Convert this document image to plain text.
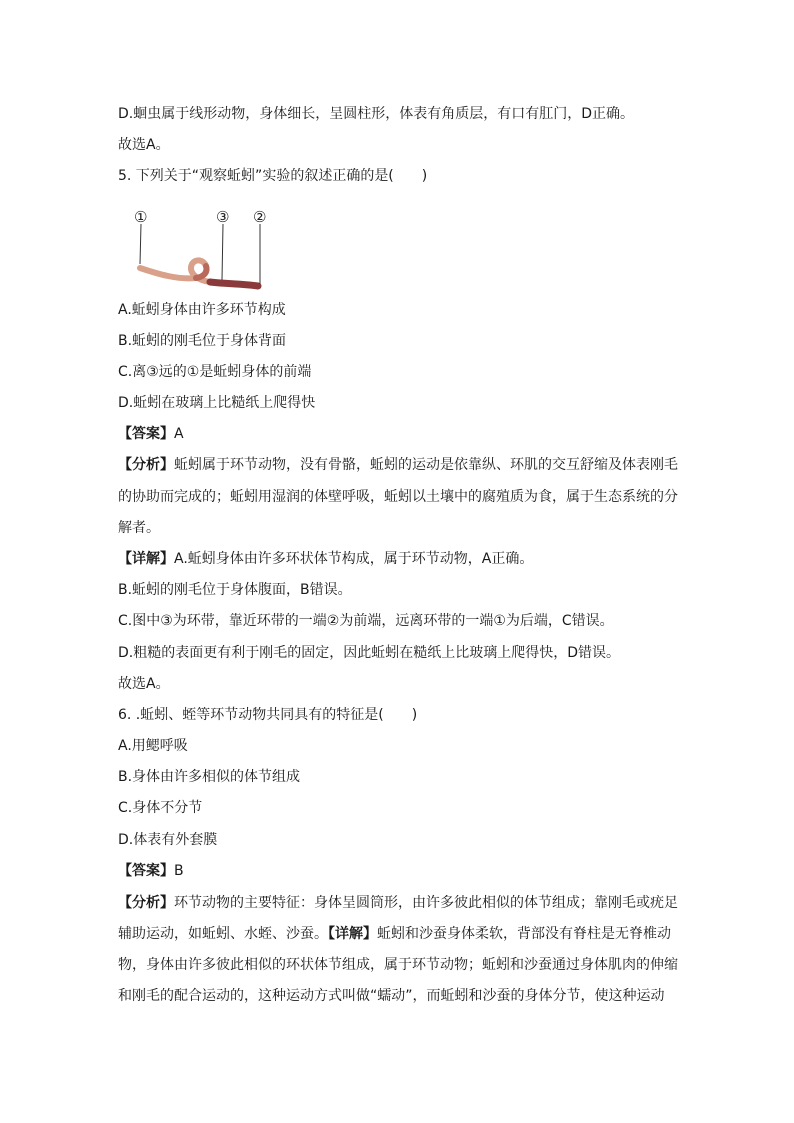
D.蛔虫属于线形动物，身体细长，呈圆柱形，体表有角质层，有口有肛门，D正确。
故选A。
5. 下列关于“观察蚯蚓”实验的叙述正确的是(　　)
①	③ ②
A.蚯蚓身体由许多环节构成
B.蚯蚓的刚毛位于身体背面
C.离③远的①是蚯蚓身体的前端
D.蚯蚓在玻璃上比糙纸上爬得快
【答案】A
【分析】蚯蚓属于环节动物，没有骨骼，蚯蚓的运动是依靠纵、环肌的交互舒缩及体表刚毛
的协助而完成的；蚯蚓用湿润的体壁呼吸，蚯蚓以土壤中的腐殖质为食，属于生态系统的分
解者。
【详解】A.蚯蚓身体由许多环状体节构成，属于环节动物，A正确。
B.蚯蚓的刚毛位于身体腹面，B错误。
C.图中③为环带，靠近环带的一端②为前端，远离环带的一端①为后端，C错误。
D.粗糙的表面更有利于刚毛的固定，因此蚯蚓在糙纸上比玻璃上爬得快，D错误。
故选A。
6. .蚯蚓、蛭等环节动物共同具有的特征是(　　)
A.用鳃呼吸
B.身体由许多相似的体节组成
C.身体不分节
D.体表有外套膜
【答案】B
【分析】环节动物的主要特征：身体呈圆筒形，由许多彼此相似的体节组成；靠刚毛或疣足
辅助运动，如蚯蚓、水蛭、沙蚕。【详解】蚯蚓和沙蚕身体柔软，背部没有脊柱是无脊椎动
物，身体由许多彼此相似的环状体节组成，属于环节动物；蚯蚓和沙蚕通过身体肌肉的伸缩
和刚毛的配合运动的，这种运动方式叫做“蠕动”，而蚯蚓和沙蚕的身体分节，使这种运动
